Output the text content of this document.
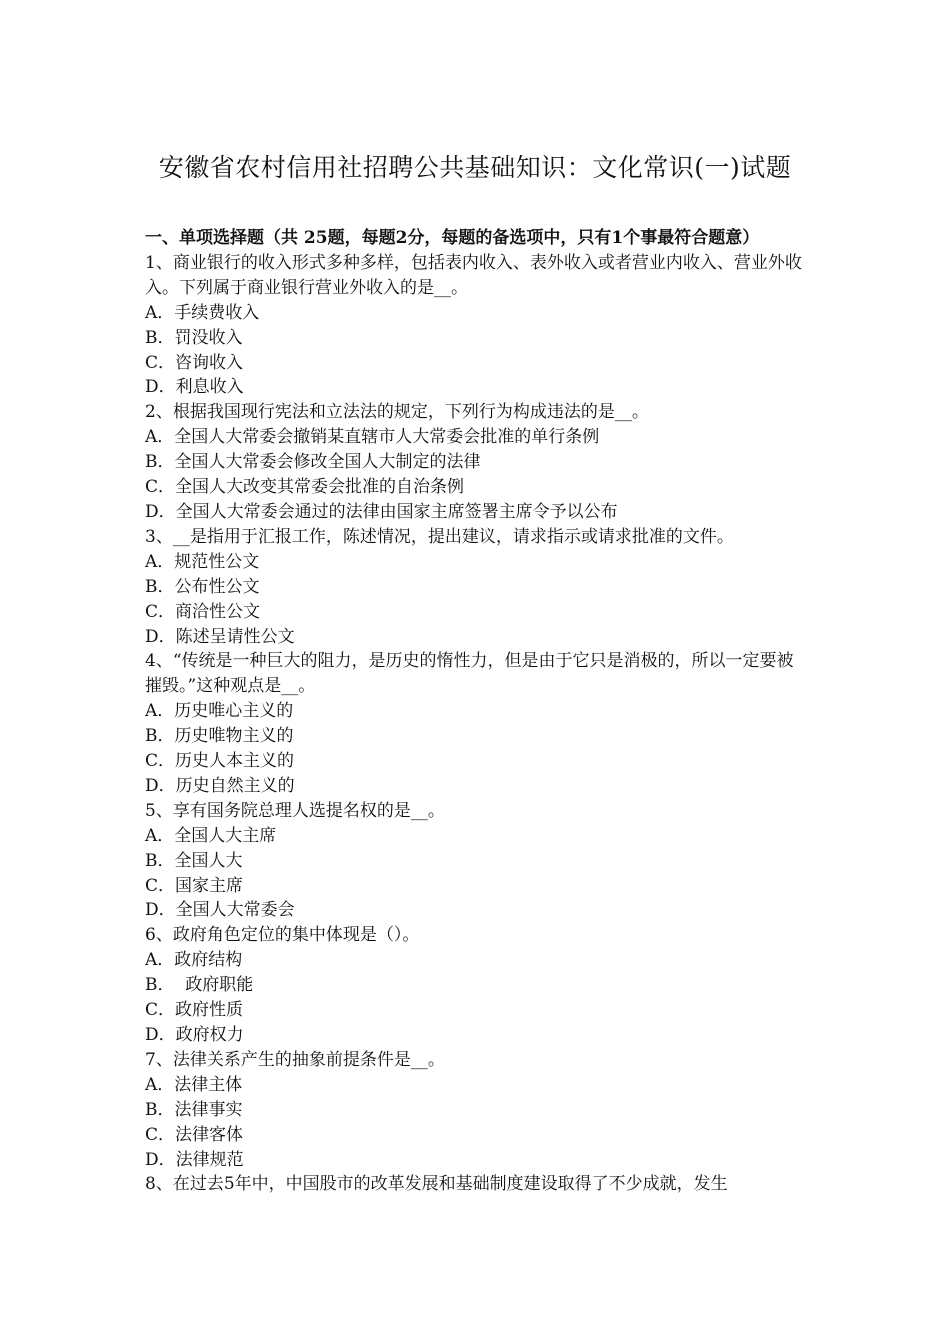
安徽省农村信用社招聘公共基础知识：文化常识(一)试题

一、单项选择题（共 25题，每题2分，每题的备选项中，只有1个事最符合题意）

1、商业银行的收入形式多种多样，包括表内收入、表外收入或者营业内收入、营业外收入。下列属于商业银行营业外收入的是__。

A．手续费收入

B．罚没收入

C．咨询收入

D．利息收入

2、根据我国现行宪法和立法法的规定，下列行为构成违法的是__。

A．全国人大常委会撤销某直辖市人大常委会批准的单行条例

B．全国人大常委会修改全国人大制定的法律

C．全国人大改变其常委会批准的自治条例

D．全国人大常委会通过的法律由国家主席签署主席令予以公布

3、__是指用于汇报工作，陈述情况，提出建议，请求指示或请求批准的文件。

A．规范性公文

B．公布性公文

C．商洽性公文

D．陈述呈请性公文

4、“传统是一种巨大的阻力，是历史的惰性力，但是由于它只是消极的，所以一定要被摧毁。”这种观点是__。

A．历史唯心主义的

B．历史唯物主义的

C．历史人本主义的

D．历史自然主义的

5、享有国务院总理人选提名权的是__。

A．全国人大主席

B．全国人大

C．国家主席

D．全国人大常委会

6、政府角色定位的集中体现是（）。

A．政府结构

B．  政府职能

C．政府性质

D．政府权力

7、法律关系产生的抽象前提条件是__。

A．法律主体

B．法律事实

C．法律客体

D．法律规范

8、在过去5年中，中国股市的改革发展和基础制度建设取得了不少成就，发生
